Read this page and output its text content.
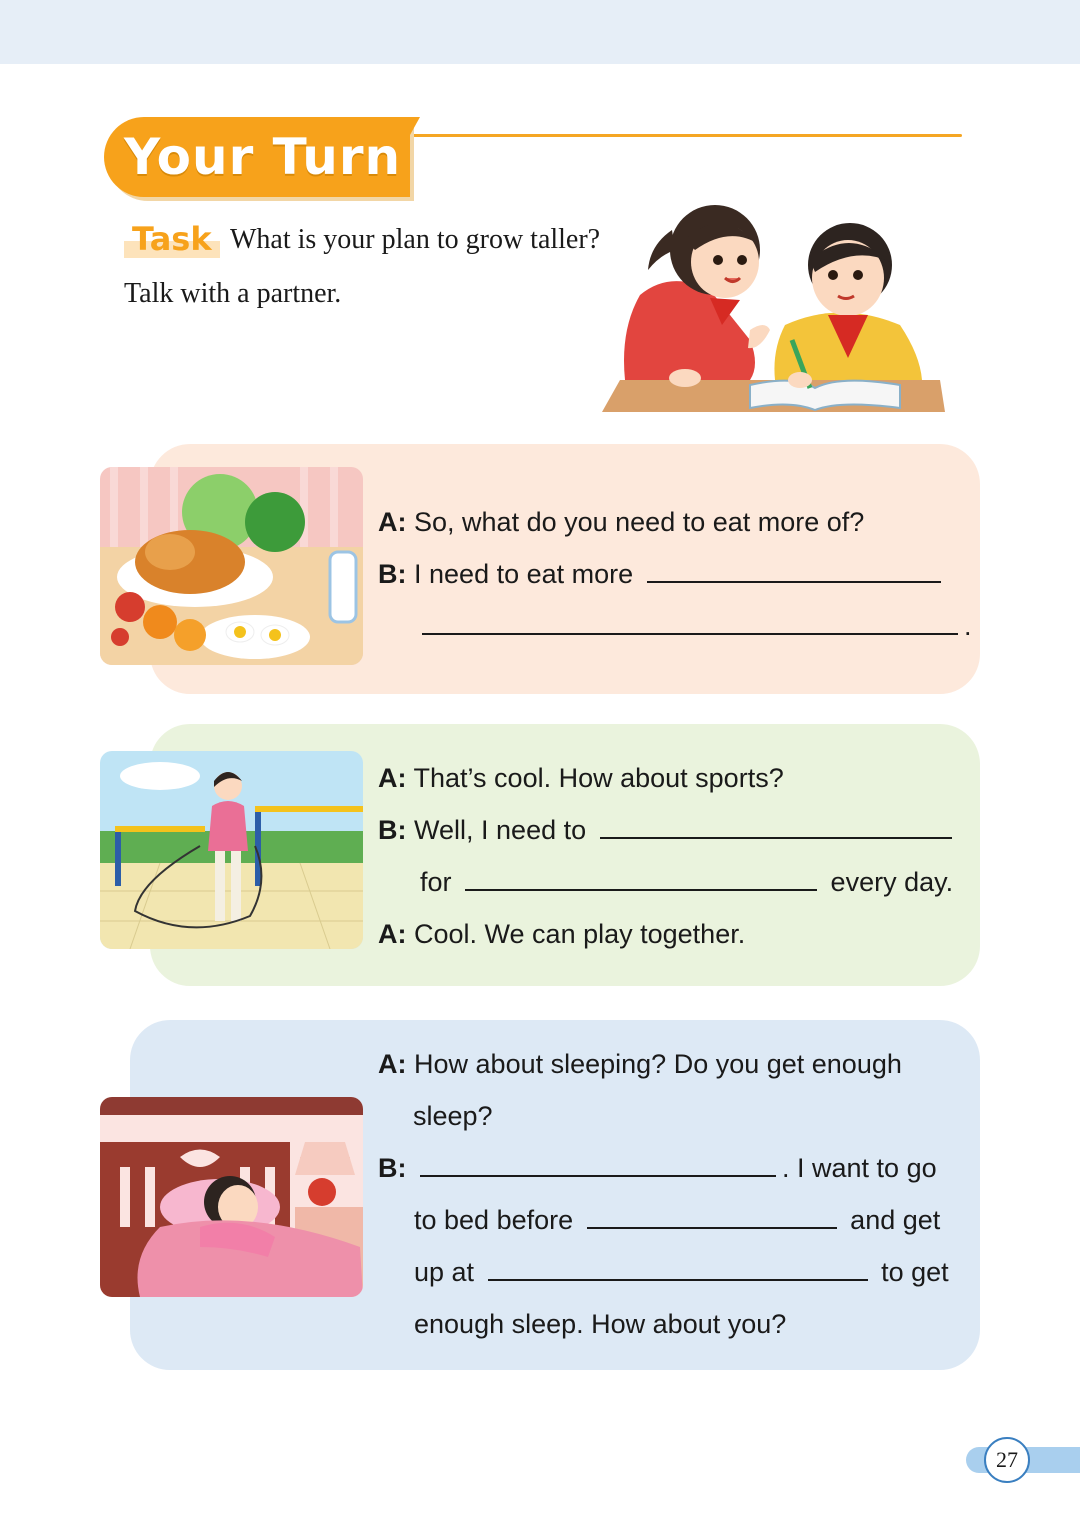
Your Turn
Task What is your plan to grow taller?
Talk with a partner.
A: So, what do you need to eat more of?
B: I need to eat more
.
A: That’s cool. How about sports?
B: Well, I need to
for	every day.
A: Cool. We can play together.
A: How about sleeping? Do you get enough
sleep?
B:	. I want to go
to bed before	and get
up at	to get
enough sleep. How about you?
27
